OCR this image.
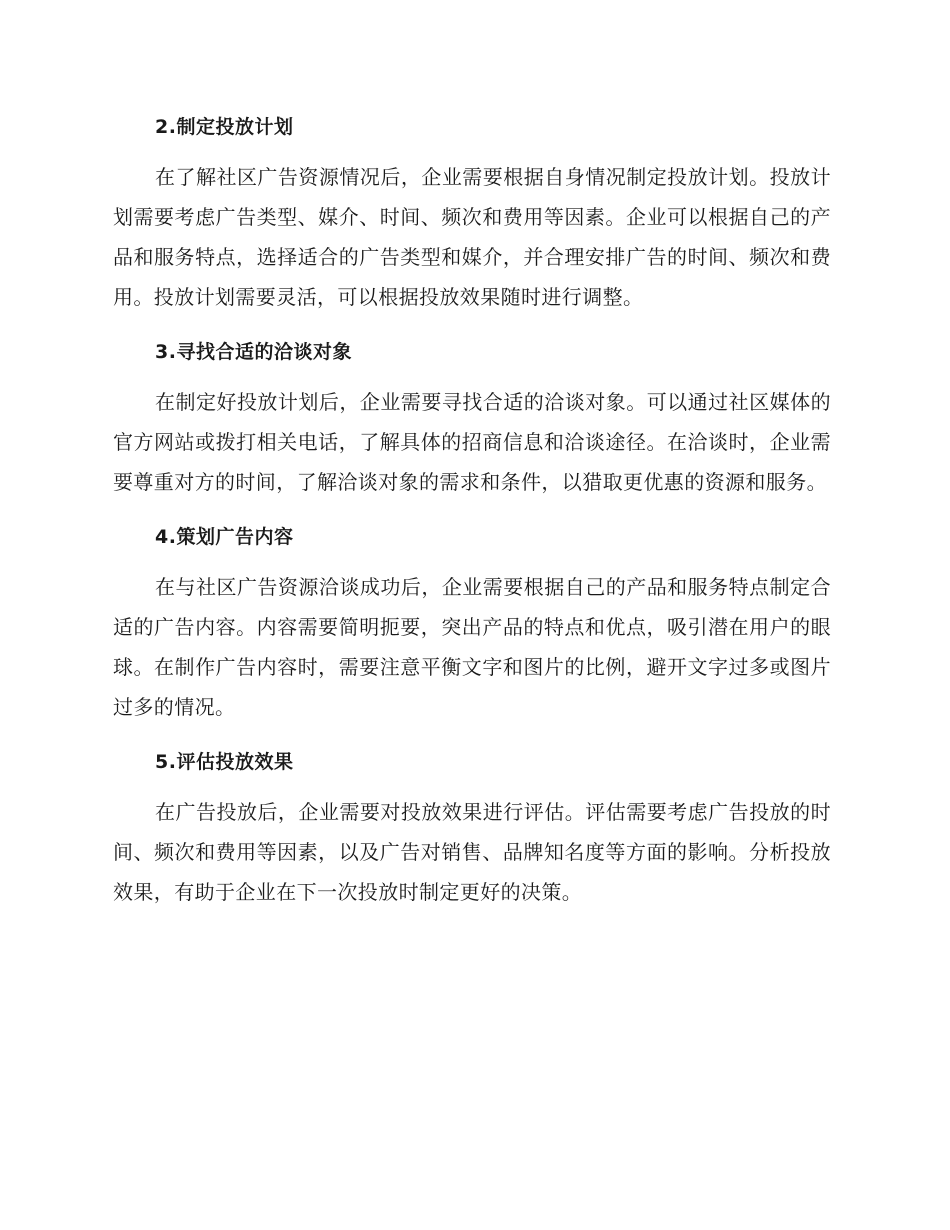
2.制定投放计划

在了解社区广告资源情况后，企业需要根据自身情况制定投放计划。投放计划需要考虑广告类型、媒介、时间、频次和费用等因素。企业可以根据自己的产品和服务特点，选择适合的广告类型和媒介，并合理安排广告的时间、频次和费用。投放计划需要灵活，可以根据投放效果随时进行调整。

3.寻找合适的洽谈对象

在制定好投放计划后，企业需要寻找合适的洽谈对象。可以通过社区媒体的官方网站或拨打相关电话，了解具体的招商信息和洽谈途径。在洽谈时，企业需要尊重对方的时间，了解洽谈对象的需求和条件，以猎取更优惠的资源和服务。

4.策划广告内容

在与社区广告资源洽谈成功后，企业需要根据自己的产品和服务特点制定合适的广告内容。内容需要简明扼要，突出产品的特点和优点，吸引潜在用户的眼球。在制作广告内容时，需要注意平衡文字和图片的比例，避开文字过多或图片过多的情况。

5.评估投放效果

在广告投放后，企业需要对投放效果进行评估。评估需要考虑广告投放的时间、频次和费用等因素，以及广告对销售、品牌知名度等方面的影响。分析投放效果，有助于企业在下一次投放时制定更好的决策。
